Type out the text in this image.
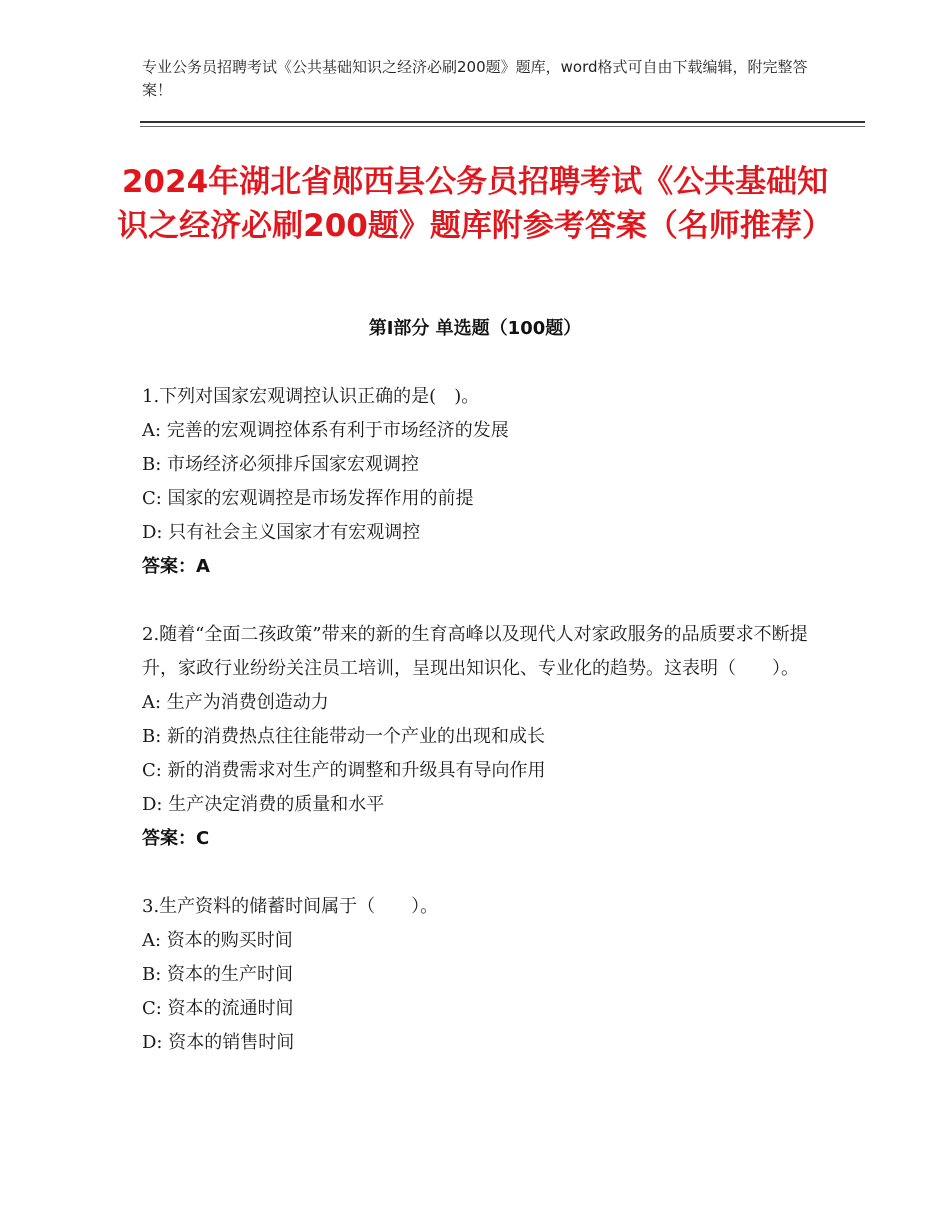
专业公务员招聘考试《公共基础知识之经济必刷200题》题库，word格式可自由下载编辑，附完整答案！
2024年湖北省郧西县公务员招聘考试《公共基础知识之经济必刷200题》题库附参考答案（名师推荐）
第Ⅰ部分 单选题（100题）
1.下列对国家宏观调控认识正确的是(　)。
A: 完善的宏观调控体系有利于市场经济的发展
B: 市场经济必须排斥国家宏观调控
C: 国家的宏观调控是市场发挥作用的前提
D: 只有社会主义国家才有宏观调控
答案：A
2.随着“全面二孩政策”带来的新的生育高峰以及现代人对家政服务的品质要求不断提升，家政行业纷纷关注员工培训，呈现出知识化、专业化的趋势。这表明（　　）。
A: 生产为消费创造动力
B: 新的消费热点往往能带动一个产业的出现和成长
C: 新的消费需求对生产的调整和升级具有导向作用
D: 生产决定消费的质量和水平
答案：C
3.生产资料的储蓄时间属于（　　）。
A: 资本的购买时间
B: 资本的生产时间
C: 资本的流通时间
D: 资本的销售时间
